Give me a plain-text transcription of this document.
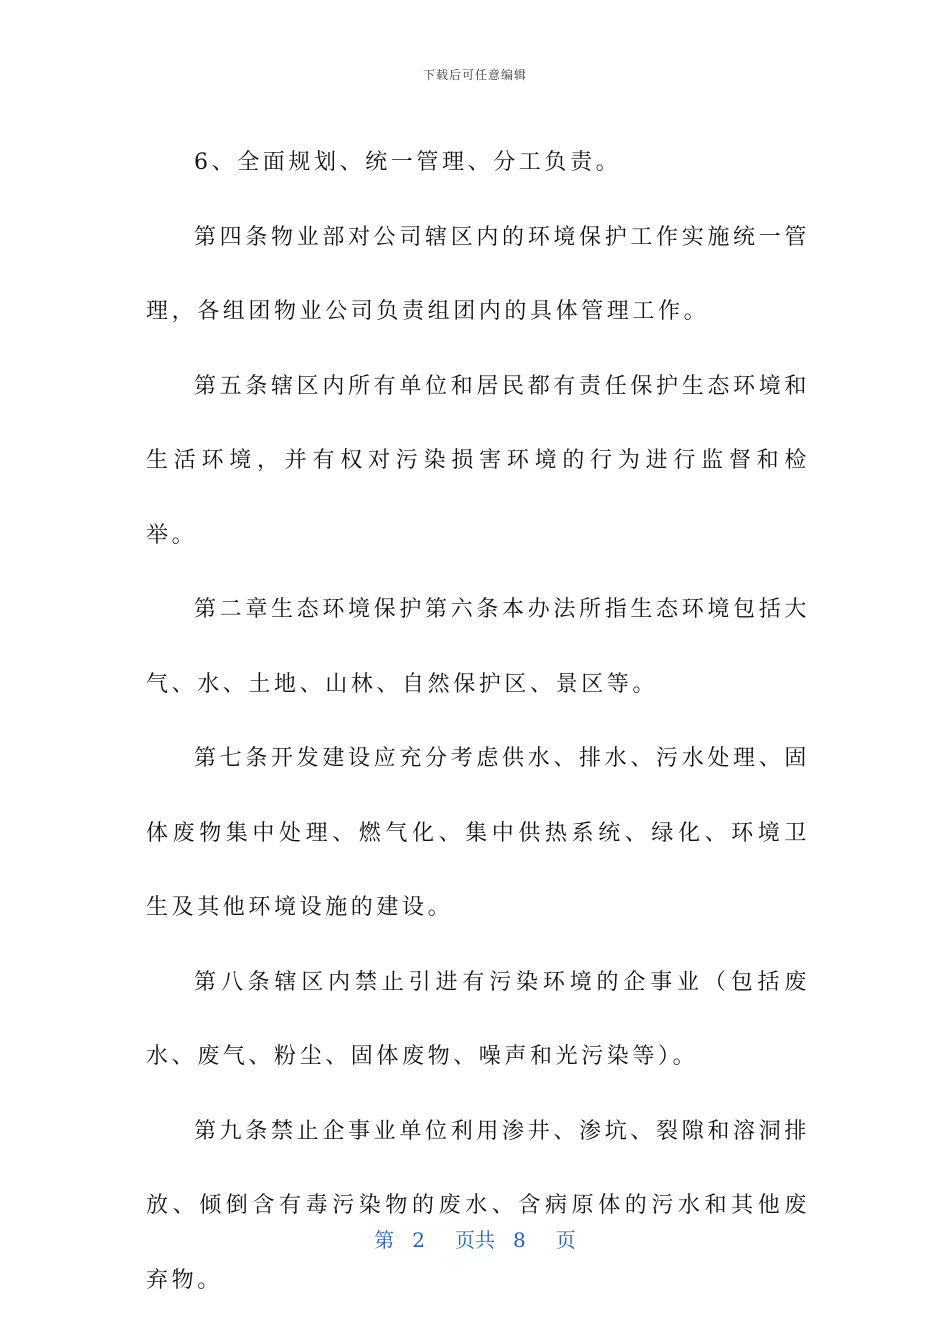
下载后可任意编辑

6、全面规划、统一管理、分工负责。

第四条物业部对公司辖区内的环境保护工作实施统一管理，各组团物业公司负责组团内的具体管理工作。

第五条辖区内所有单位和居民都有责任保护生态环境和生活环境，并有权对污染损害环境的行为进行监督和检举。

第二章生态环境保护第六条本办法所指生态环境包括大气、水、土地、山林、自然保护区、景区等。

第七条开发建设应充分考虑供水、排水、污水处理、固体废物集中处理、燃气化、集中供热系统、绿化、环境卫生及其他环境设施的建设。

第八条辖区内禁止引进有污染环境的企事业（包括废水、废气、粉尘、固体废物、噪声和光污染等）。

第九条禁止企事业单位利用渗井、渗坑、裂隙和溶洞排放、倾倒含有毒污染物的废水、含病原体的污水和其他废弃物。

第 2 页共 8 页
